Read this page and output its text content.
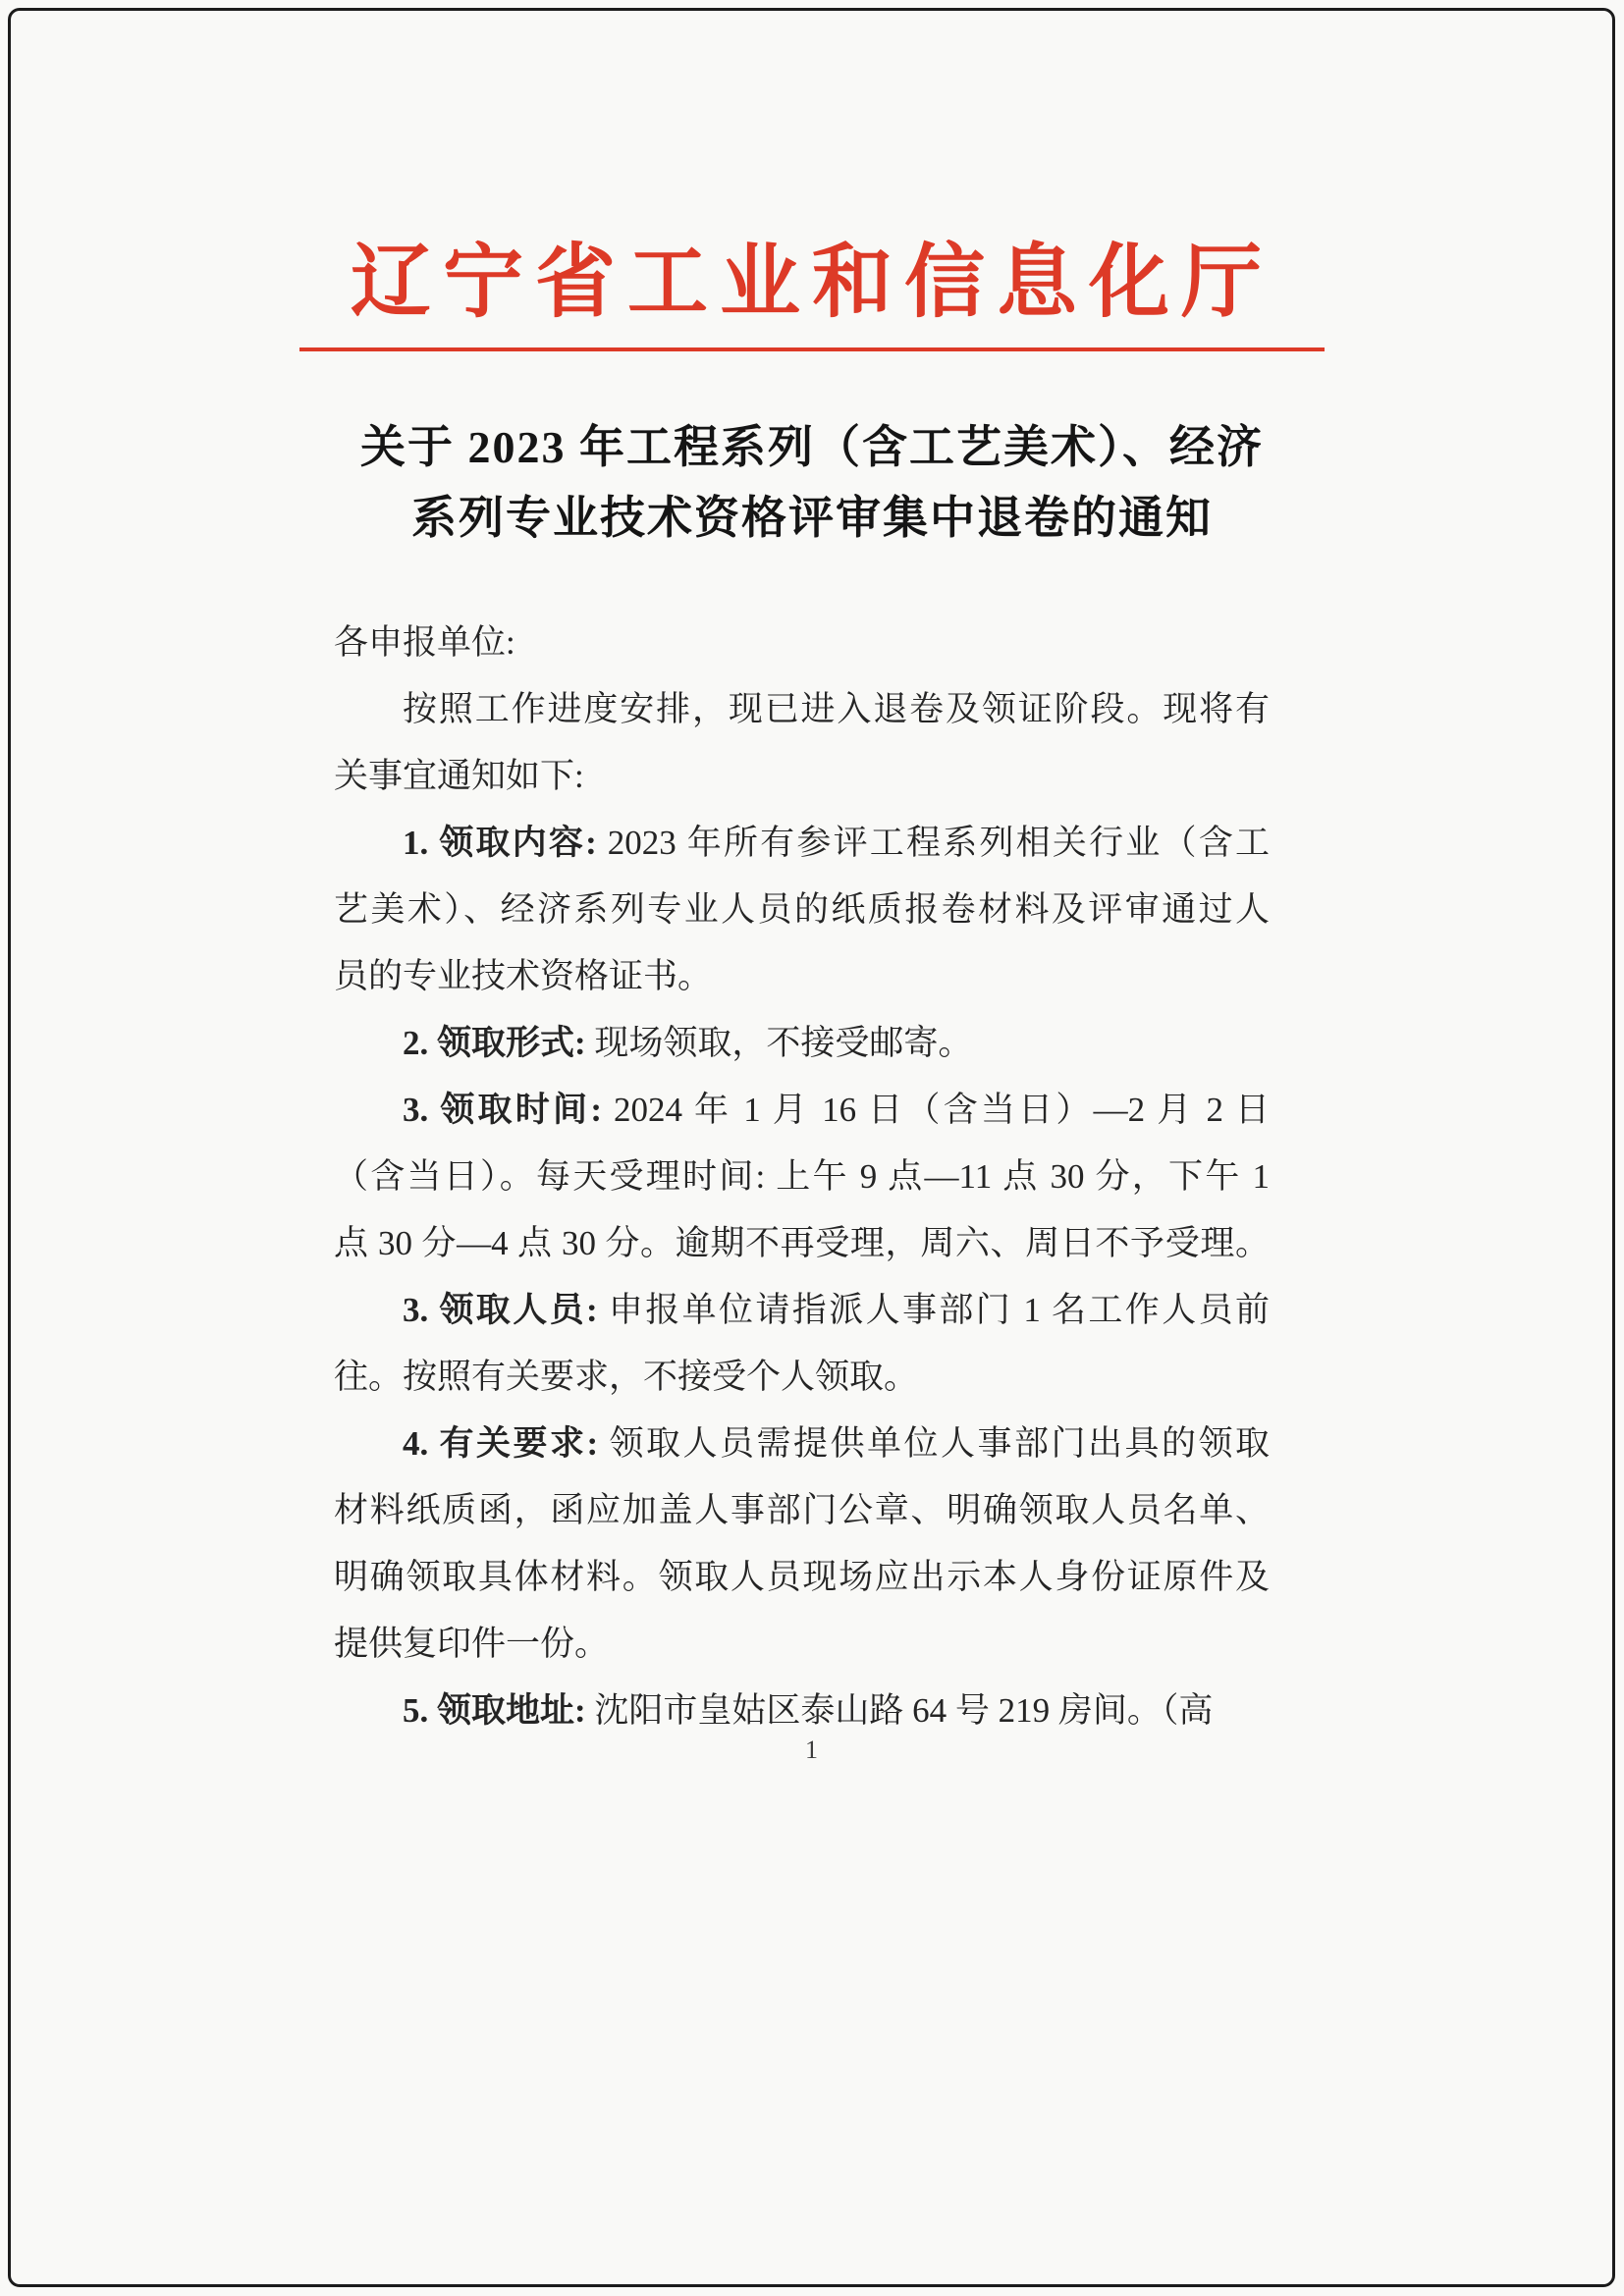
辽宁省工业和信息化厅
关于 2023 年工程系列（含工艺美术）、经济
系列专业技术资格评审集中退卷的通知
各申报单位:
按照工作进度安排，现已进入退卷及领证阶段。现将有
关事宜通知如下:
1. 领取内容: 2023 年所有参评工程系列相关行业（含工
艺美术）、经济系列专业人员的纸质报卷材料及评审通过人
员的专业技术资格证书。
2. 领取形式: 现场领取，不接受邮寄。
3. 领取时间: 2024 年 1 月 16 日（含当日）—2 月 2 日
（含当日）。每天受理时间: 上午 9 点—11 点 30 分，下午 1
点 30 分—4 点 30 分。逾期不再受理，周六、周日不予受理。
3. 领取人员: 申报单位请指派人事部门 1 名工作人员前
往。按照有关要求，不接受个人领取。
4. 有关要求: 领取人员需提供单位人事部门出具的领取
材料纸质函，函应加盖人事部门公章、明确领取人员名单、
明确领取具体材料。领取人员现场应出示本人身份证原件及
提供复印件一份。
5. 领取地址: 沈阳市皇姑区泰山路 64 号 219 房间。（高
1
